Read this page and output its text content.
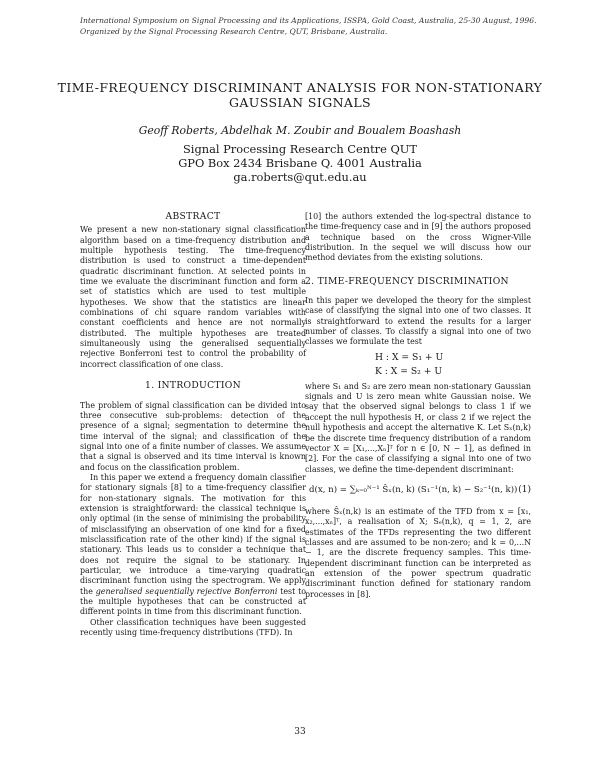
International Symposium on Signal Processing and its Applications, ISSPA, Gold Coast, Australia, 25-30 August, 1996.
Organized by the Signal Processing Research Centre, QUT, Brisbane, Australia.
TIME-FREQUENCY DISCRIMINANT ANALYSIS FOR NON-STATIONARY
GAUSSIAN SIGNALS
Geoff Roberts, Abdelhak M. Zoubir and Boualem Boashash
Signal Processing Research Centre QUT
GPO Box 2434 Brisbane Q. 4001 Australia
ga.roberts@qut.edu.au

ABSTRACT

We present a new non-stationary signal classification algorithm based on a time-frequency distribution and multiple hypothesis testing. The time-frequency distribution is used to construct a time-dependent quadratic discriminant function. At selected points in time we evaluate the discriminant function and form a set of statistics which are used to test multiple hypotheses. We show that the statistics are linear combinations of chi square random variables with constant coefficients and hence are not normally distributed. The multiple hypotheses are treated simultaneously using the generalised sequentially rejective Bonferroni test to control the probability of incorrect classification of one class.

1. INTRODUCTION

The problem of signal classification can be divided into three consecutive sub-problems: detection of the presence of a signal; segmentation to determine the time interval of the signal; and classification of the signal into one of a finite number of classes. We assume that a signal is observed and its time interval is known and focus on the classification problem.

In this paper we extend a frequency domain classifier for stationary signals [8] to a time-frequency classifier for non-stationary signals. The motivation for this extension is straightforward: the classical technique is only optimal (in the sense of minimising the probability of misclassifying an observation of one kind for a fixed misclassification rate of the other kind) if the signal is stationary. This leads us to consider a technique that does not require the signal to be stationary. In particular, we introduce a time-varying quadratic discriminant function using the spectrogram. We apply the generalised sequentially rejective Bonferroni test to the multiple hypotheses that can be constructed at different points in time from this discriminant function.

Other classification techniques have been suggested recently using time-frequency distributions (TFD). In

[10] the authors extended the log-spectral distance to the time-frequency case and in [9] the authors proposed a technique based on the cross Wigner-Ville distribution. In the sequel we will discuss how our method deviates from the existing solutions.

2. TIME-FREQUENCY DISCRIMINATION

In this paper we developed the theory for the simplest case of classifying the signal into one of two classes. It is straightforward to extend the results for a larger number of classes. To classify a signal into one of two classes we formulate the test

H : X = S₁ + U
K : X = S₂ + U

where S₁ and S₂ are zero mean non-stationary Gaussian signals and U is zero mean white Gaussian noise. We say that the observed signal belongs to class 1 if we accept the null hypothesis H, or class 2 if we reject the null hypothesis and accept the alternative K. Let Sₓ(n,k) be the discrete time frequency distribution of a random vector X = [X₁,...,Xₙ]ᵀ for n ∈ [0, N − 1], as defined in [2]. For the case of classifying a signal into one of two classes, we define the time-dependent discriminant:

d(x, n) = ∑ₖ₌₀ᴺ⁻¹ Ŝₓ(n, k) (S₁⁻¹(n, k) − S₂⁻¹(n, k)) (1)

where Ŝₓ(n,k) is an estimate of the TFD from x = [x₁, x₂,...,xₙ]ᵀ, a realisation of X; Sₑ(n,k), q = 1, 2, are estimates of the TFDs representing the two different classes and are assumed to be non-zero; and k = 0,...N − 1, are the discrete frequency samples. This time-dependent discriminant function can be interpreted as an extension of the power spectrum quadratic discriminant function defined for stationary random processes in [8].

33
